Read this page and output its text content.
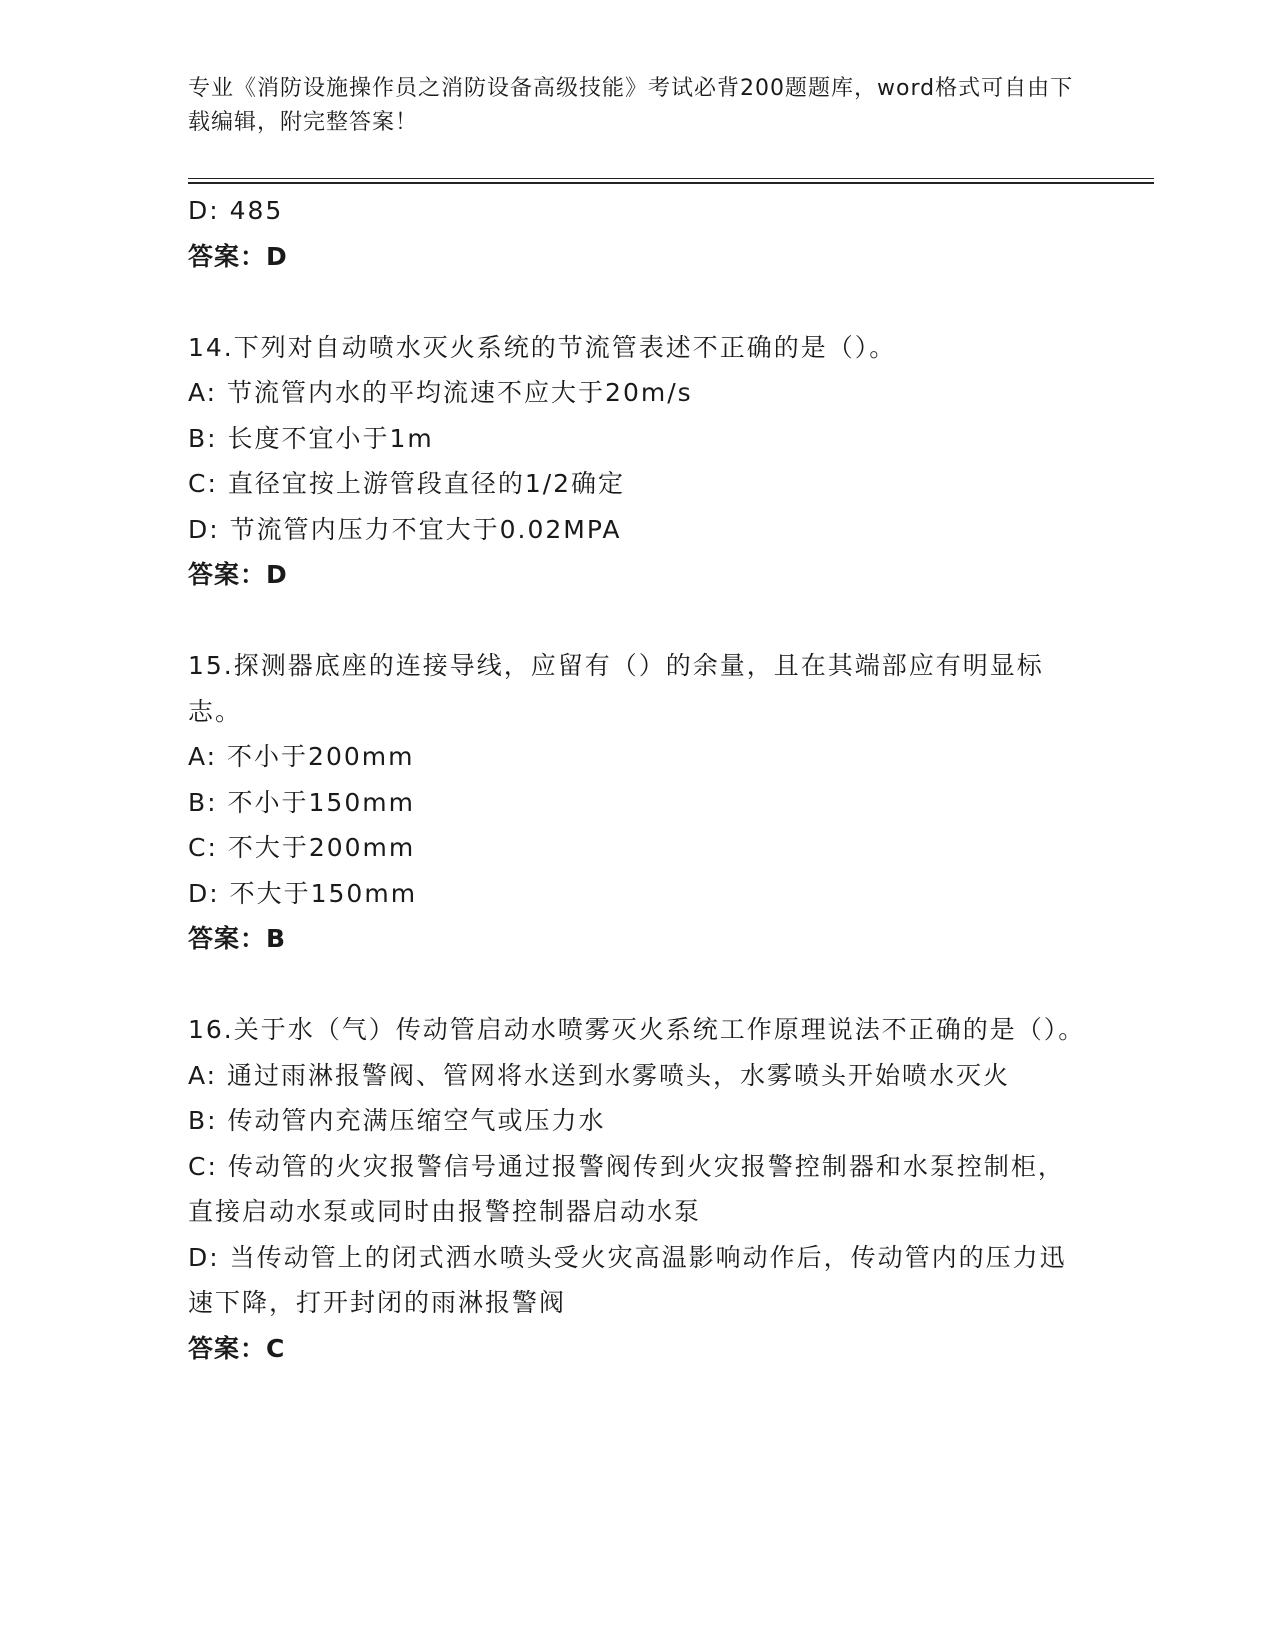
专业《消防设施操作员之消防设备高级技能》考试必背200题题库，word格式可自由下载编辑，附完整答案！
D: 485
答案：D
14.下列对自动喷水灭火系统的节流管表述不正确的是（）。
A: 节流管内水的平均流速不应大于20m/s
B: 长度不宜小于1m
C: 直径宜按上游管段直径的1/2确定
D: 节流管内压力不宜大于0.02MPA
答案：D
15.探测器底座的连接导线，应留有（）的余量，且在其端部应有明显标志。
A: 不小于200mm
B: 不小于150mm
C: 不大于200mm
D: 不大于150mm
答案：B
16.关于水（气）传动管启动水喷雾灭火系统工作原理说法不正确的是（）。
A: 通过雨淋报警阀、管网将水送到水雾喷头，水雾喷头开始喷水灭火
B: 传动管内充满压缩空气或压力水
C: 传动管的火灾报警信号通过报警阀传到火灾报警控制器和水泵控制柜，直接启动水泵或同时由报警控制器启动水泵
D: 当传动管上的闭式洒水喷头受火灾高温影响动作后，传动管内的压力迅速下降，打开封闭的雨淋报警阀
答案：C
